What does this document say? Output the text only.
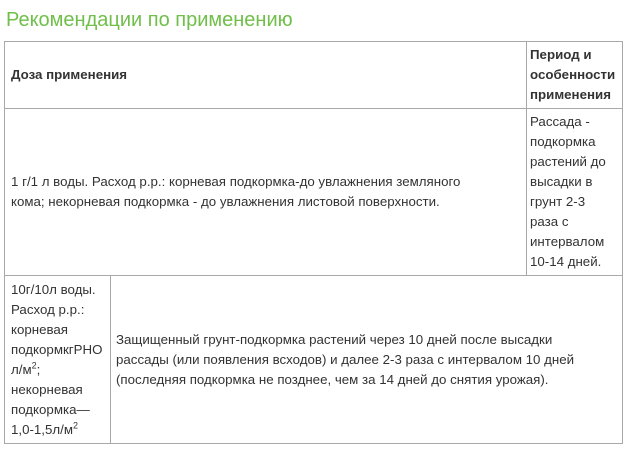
Рекомендации по применению
Доза применения
Период и
особенности
применения
1 г/1 л воды. Расход р.р.: корневая подкормка-до увлажнения земляного
кома; некорневая подкормка - до увлажнения листовой поверхности.
Рассада -
подкормка
растений до
высадки в
грунт 2-3
раза с
интервалом
10-14 дней.
10г/10л воды.
Расход р.р.:
корневая
подкормкгРНО
$л/м^2$;
некорневая
подкормка—
$1,0-1,5л/м^2$
Защищенный грунт-подкормка растений через 10 дней после высадки
рассады (или появления всходов) и далее 2-3 раза с интервалом 10 дней
(последняя подкормка не позднее, чем за 14 дней до снятия урожая).
